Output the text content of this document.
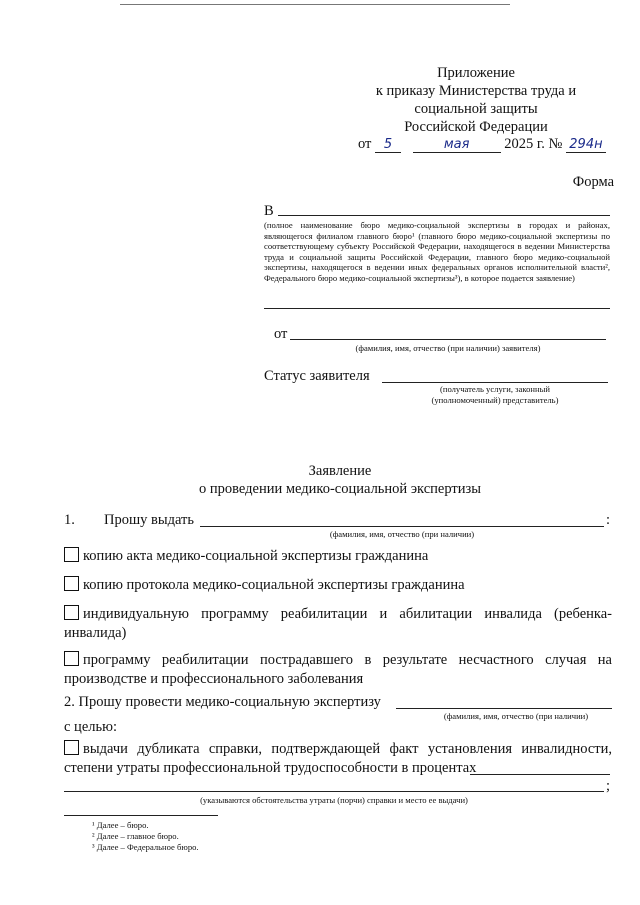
Приложение
к приказу Министерства труда и
социальной защиты
Российской Федерации
от 5	мая 2025 г. № 294н
Форма
В
(полное наименование бюро медико-социальной экспертизы в городах и районах, являющегося филиалом главного бюро¹ (главного бюро медико-социальной экспертизы по соответствующему субъекту Российской Федерации, находящегося в ведении Министерства труда и социальной защиты Российской Федерации, главного бюро медико-социальной экспертизы, находящегося в ведении иных федеральных органов исполнительной власти², Федерального бюро медико-социальной экспертизы³), в которое подается заявление)
от
(фамилия, имя, отчество (при наличии) заявителя)
Статус заявителя
(получатель услуги, законный
(уполномоченный) представитель)
Заявление
о проведении медико-социальной экспертизы
1. Прошу выдать	:
(фамилия, имя, отчество (при наличии)
копию акта медико-социальной экспертизы гражданина
копию протокола медико-социальной экспертизы гражданина
индивидуальную программу реабилитации и абилитации инвалида (ребенка-инвалида)
программу реабилитации пострадавшего в результате несчастного случая на производстве и профессионального заболевания
2. Прошу провести медико-социальную экспертизу
(фамилия, имя, отчество (при наличии)
с целью:
выдачи дубликата справки, подтверждающей факт установления инвалидности, степени утраты профессиональной трудоспособности в процентах
;
(указываются обстоятельства утраты (порчи) справки и место ее выдачи)
¹ Далее – бюро.
² Далее – главное бюро.
³ Далее – Федеральное бюро.
